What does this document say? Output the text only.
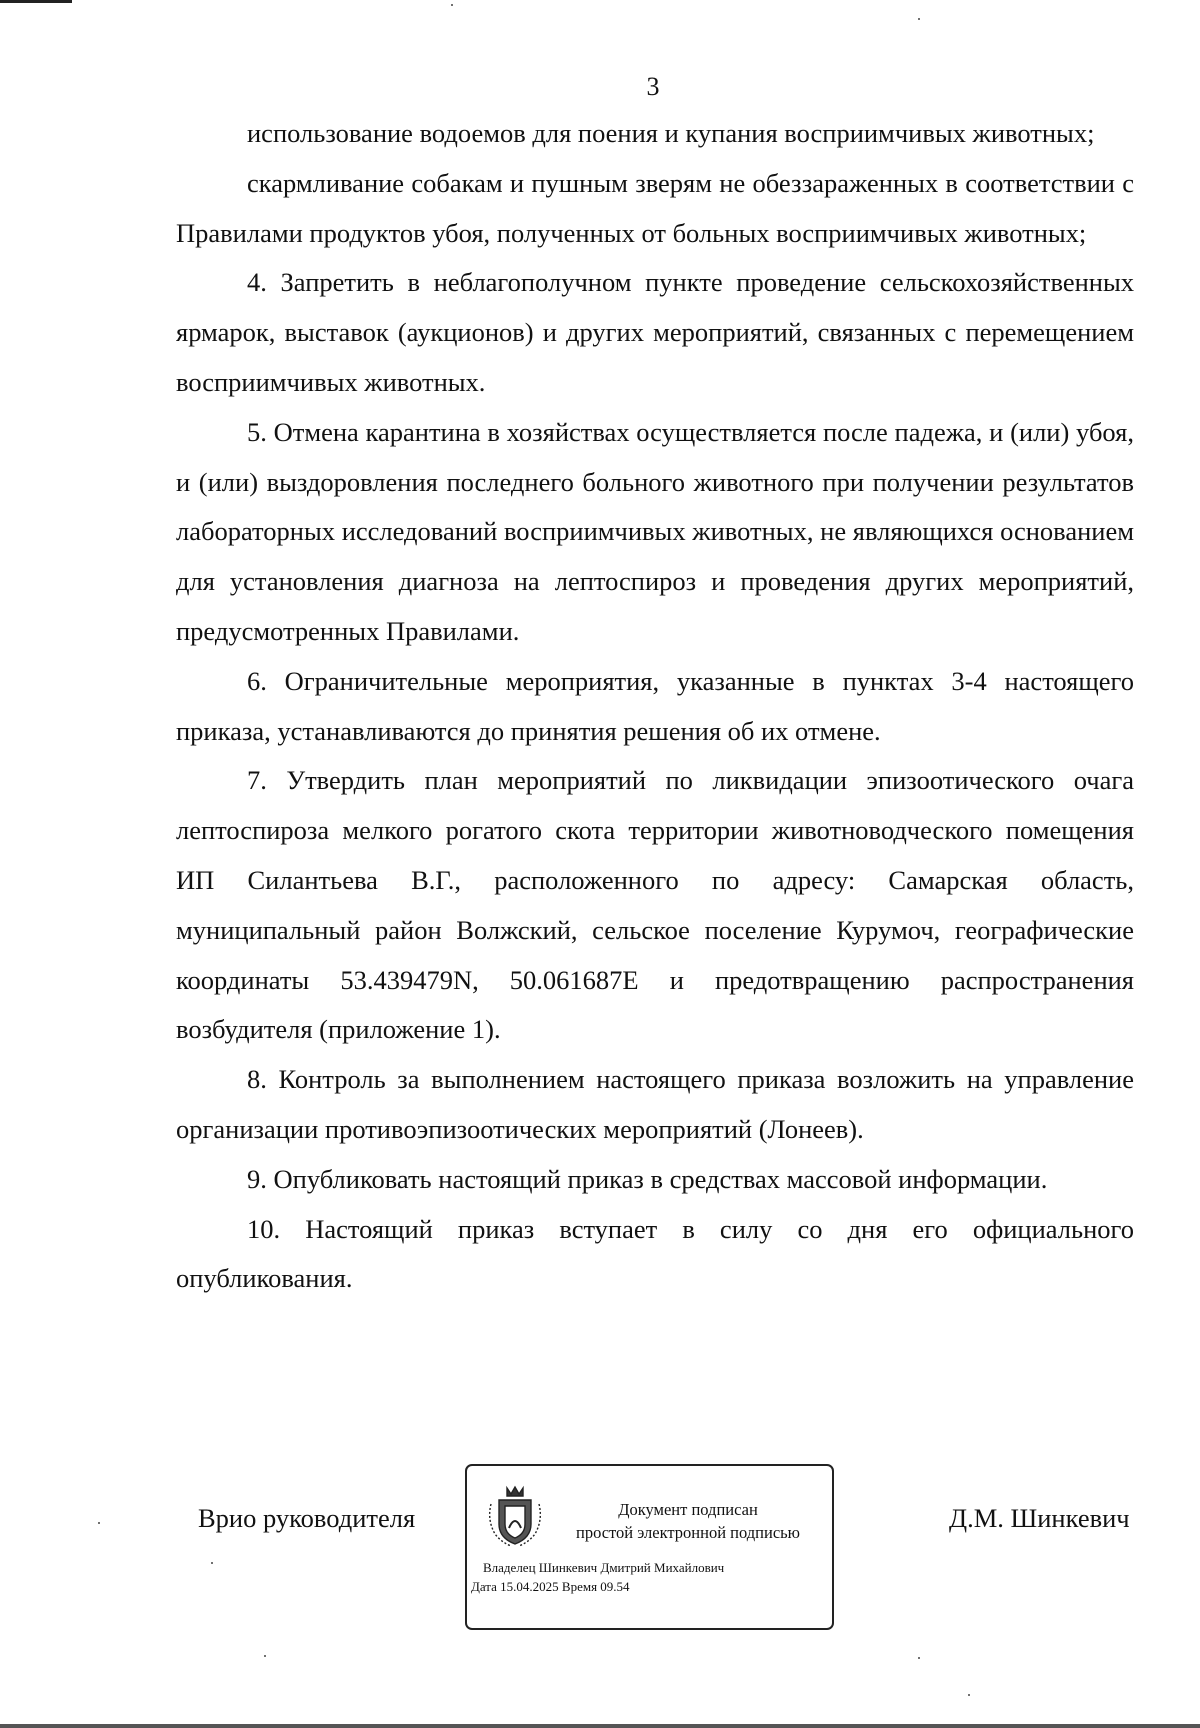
3

использование водоемов для поения и купания восприимчивых животных;

скармливание собакам и пушным зверям не обеззараженных в соответствии с Правилами продуктов убоя, полученных от больных восприимчивых животных;

4. Запретить в неблагополучном пункте проведение сельскохозяйственных ярмарок, выставок (аукционов) и других мероприятий, связанных с перемещением восприимчивых животных.

5. Отмена карантина в хозяйствах осуществляется после падежа, и (или) убоя, и (или) выздоровления последнего больного животного при получении результатов лабораторных исследований восприимчивых животных, не являющихся основанием для установления диагноза на лептоспироз и проведения других мероприятий, предусмотренных Правилами.

6. Ограничительные мероприятия, указанные в пунктах 3-4 настоящего приказа, устанавливаются до принятия решения об их отмене.

7. Утвердить план мероприятий по ликвидации эпизоотического очага лептоспироза мелкого рогатого скота территории животноводческого помещения ИП Силантьева В.Г., расположенного по адресу: Самарская область, муниципальный район Волжский, сельское поселение Курумоч, географические координаты 53.439479N, 50.061687E и предотвращению распространения возбудителя (приложение 1).

8. Контроль за выполнением настоящего приказа возложить на управление организации противоэпизоотических мероприятий (Лонеев).

9. Опубликовать настоящий приказ в средствах массовой информации.

10. Настоящий приказ вступает в силу со дня его официального опубликования.

Врио руководителя	Документ подписан
простой электронной подписью
Владелец Шинкевич Дмитрий Михайлович
Дата 15.04.2025 Время 09.54
Д.М. Шинкевич
